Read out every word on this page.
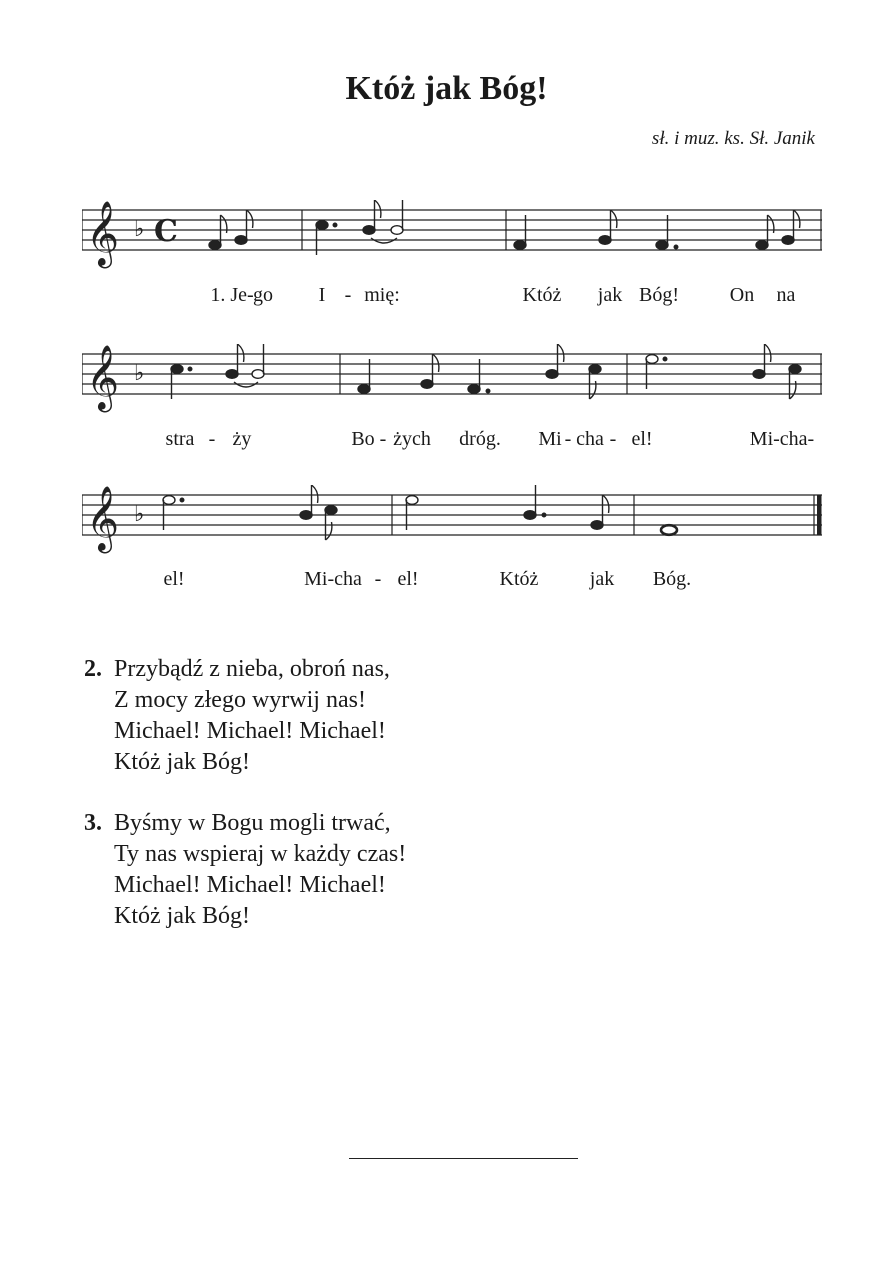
Któż jak Bóg!
sł. i muz. ks. Sł. Janik
𝄞 ♭ C
1. Je- go I - mię:	Któż jak Bóg!	On na
𝄞 ♭
stra - ży	Bo - żych dróg. Mi - cha - el!	Mi-cha-
𝄞 ♭
el!	Mi-cha - el!	Któż	jak Bóg.
2. Przybądź z nieba, obroń nas,
Z mocy złego wyrwij nas!
Michael! Michael! Michael!
Któż jak Bóg!
3. Byśmy w Bogu mogli trwać,
Ty nas wspieraj w każdy czas!
Michael! Michael! Michael!
Któż jak Bóg!
